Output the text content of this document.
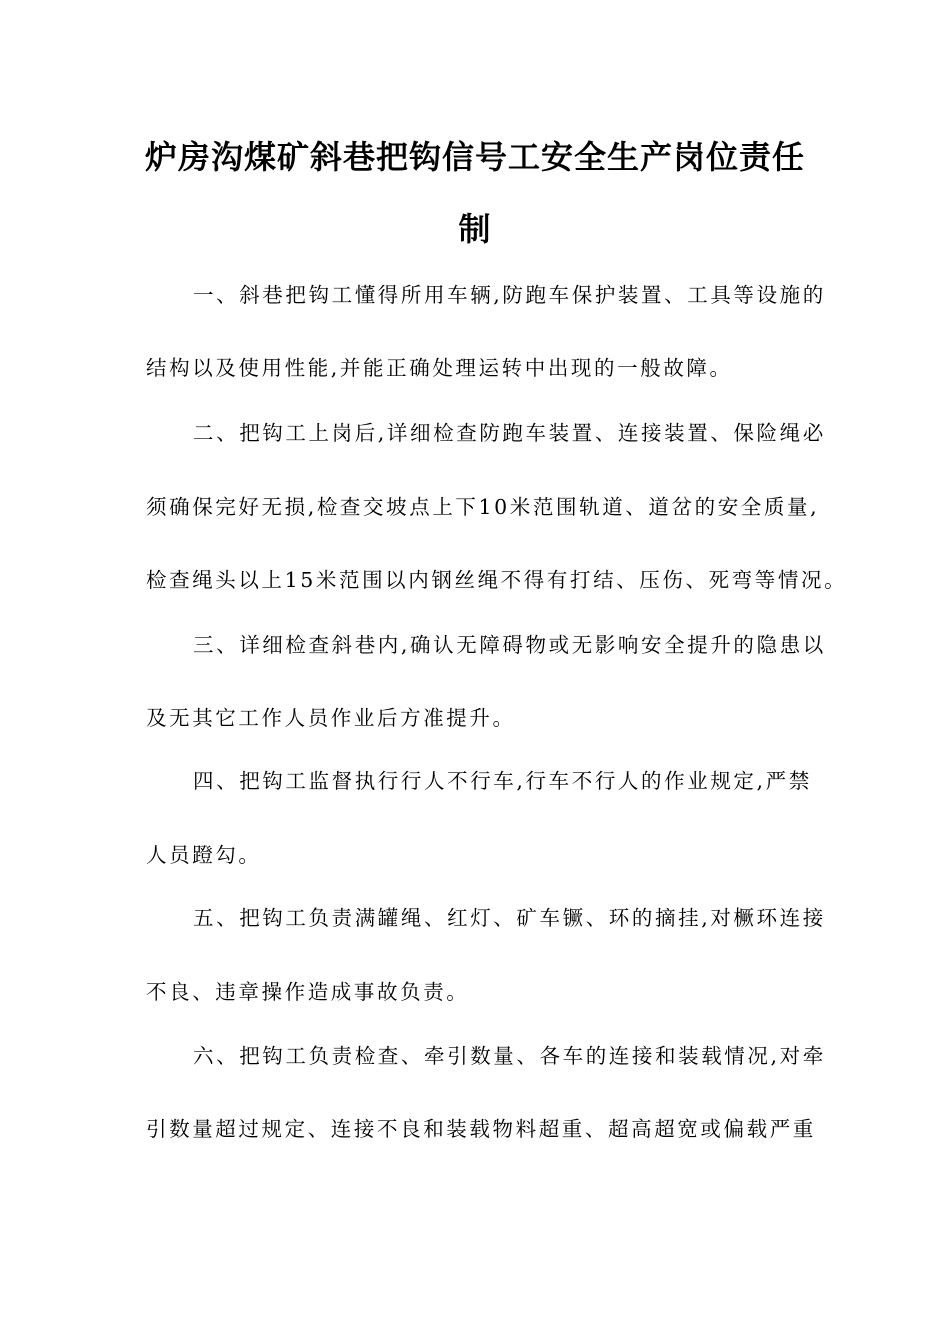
炉房沟煤矿斜巷把钩信号工安全生产岗位责任
制
一、斜巷把钩工懂得所用车辆,防跑车保护装置、工具等设施的
结构以及使用性能,并能正确处理运转中出现的一般故障。
二、把钩工上岗后,详细检查防跑车装置、连接装置、保险绳必
须确保完好无损,检查交坡点上下10米范围轨道、道岔的安全质量,
检查绳头以上15米范围以内钢丝绳不得有打结、压伤、死弯等情况。
三、详细检查斜巷内,确认无障碍物或无影响安全提升的隐患以
及无其它工作人员作业后方准提升。
四、把钩工监督执行行人不行车,行车不行人的作业规定,严禁
人员蹬勾。
五、把钩工负责满罐绳、红灯、矿车镢、环的摘挂,对橛环连接
不良、违章操作造成事故负责。
六、把钩工负责检查、牵引数量、各车的连接和装载情况,对牵
引数量超过规定、连接不良和装载物料超重、超高超宽或偏载严重
